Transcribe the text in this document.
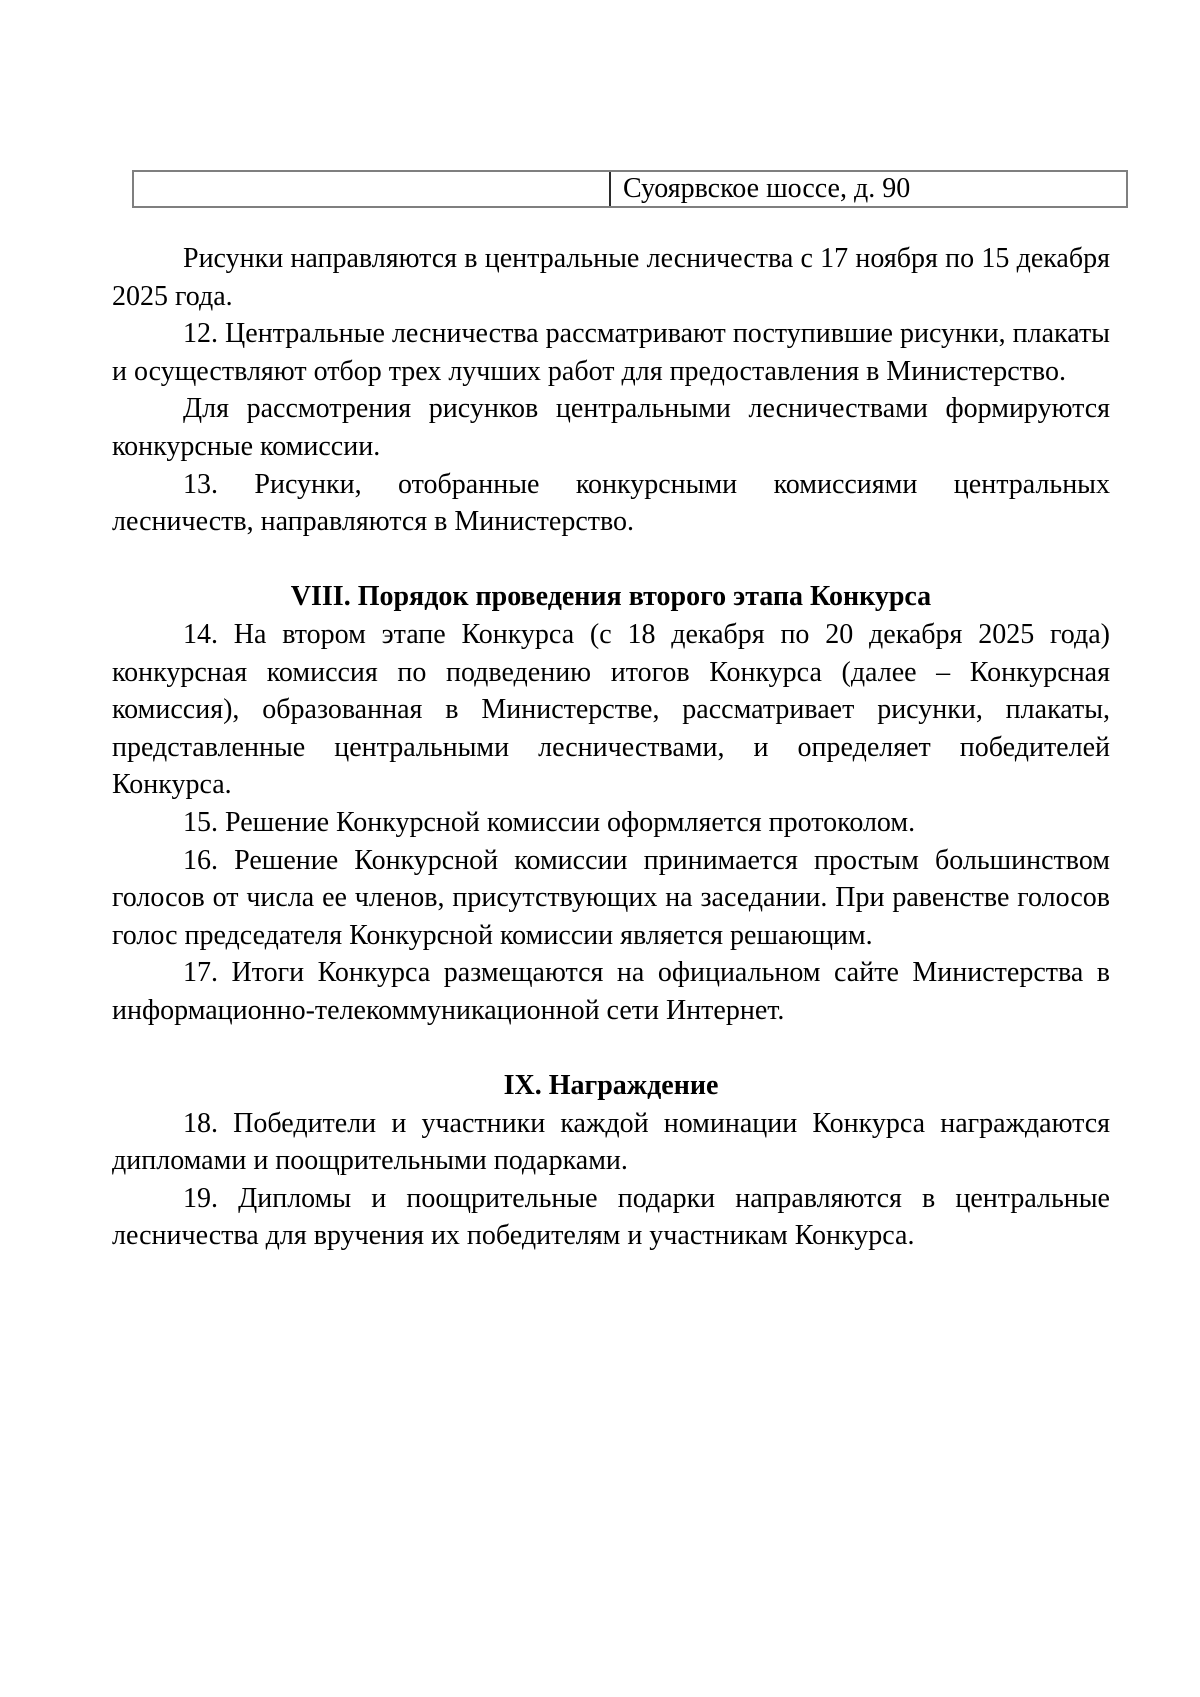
Суоярвское шоссе, д. 90

Рисунки направляются в центральные лесничества с 17 ноября по 15 декабря 2025 года.

12. Центральные лесничества рассматривают поступившие рисунки, плакаты и осуществляют отбор трех лучших работ для предоставления в Министерство.

Для рассмотрения рисунков центральными лесничествами формируются конкурсные комиссии.

13. Рисунки, отобранные конкурсными комиссиями центральных лесничеств, направляются в Министерство.

VIII. Порядок проведения второго этапа Конкурса

14. На втором этапе Конкурса (с 18 декабря по 20 декабря 2025 года) конкурсная комиссия по подведению итогов Конкурса (далее – Конкурсная комиссия), образованная в Министерстве, рассматривает рисунки, плакаты, представленные центральными лесничествами, и определяет победителей Конкурса.

15. Решение Конкурсной комиссии оформляется протоколом.

16. Решение Конкурсной комиссии принимается простым большинством голосов от числа ее членов, присутствующих на заседании. При равенстве голосов голос председателя Конкурсной комиссии является решающим.

17. Итоги Конкурса размещаются на официальном сайте Министерства в информационно-телекоммуникационной сети Интернет.

IX. Награждение

18. Победители и участники каждой номинации Конкурса награждаются дипломами и поощрительными подарками.

19. Дипломы и поощрительные подарки направляются в центральные лесничества для вручения их победителям и участникам Конкурса.
